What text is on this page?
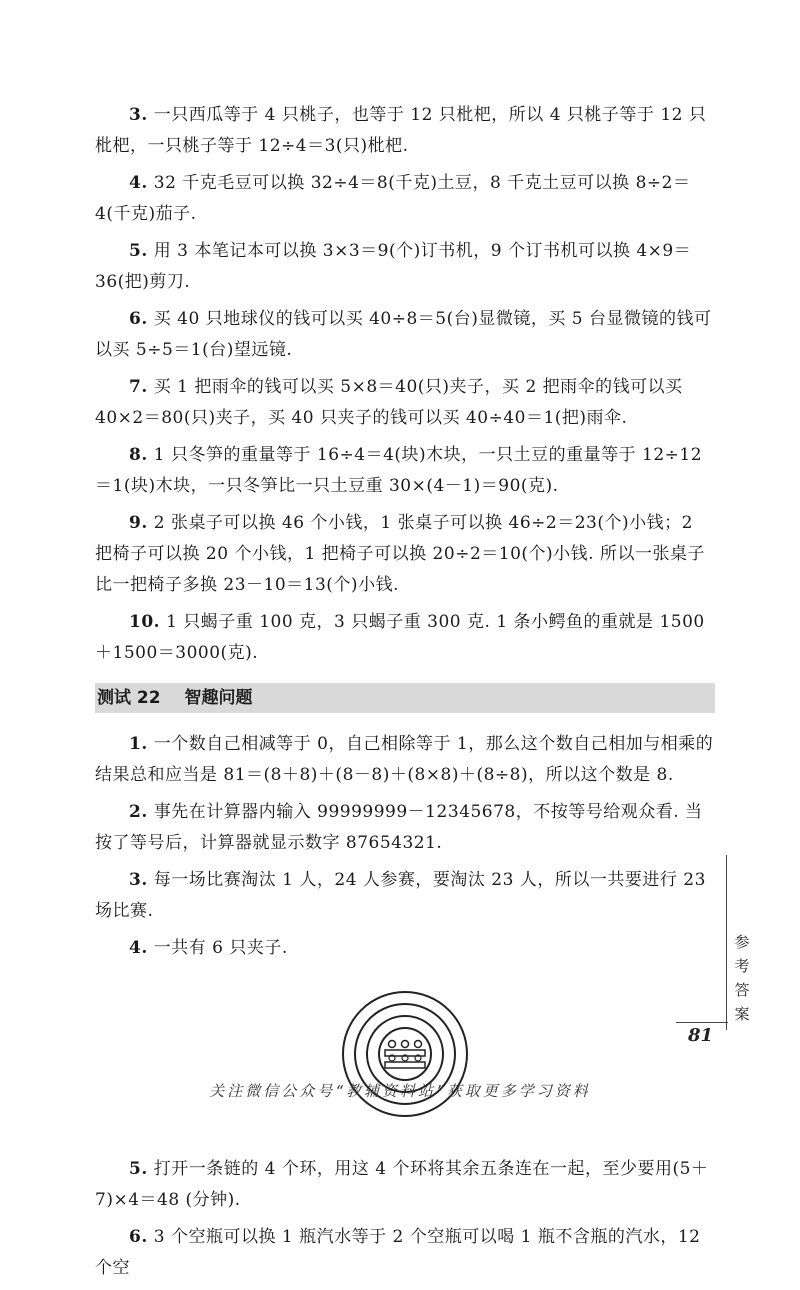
3. 一只西瓜等于 4 只桃子，也等于 12 只枇杷，所以 4 只桃子等于 12 只枇杷，一只桃子等于 12÷4＝3(只)枇杷.

4. 32 千克毛豆可以换 32÷4＝8(千克)土豆，8 千克土豆可以换 8÷2＝4(千克)茄子.

5. 用 3 本笔记本可以换 3×3＝9(个)订书机，9 个订书机可以换 4×9＝36(把)剪刀.

6. 买 40 只地球仪的钱可以买 40÷8＝5(台)显微镜，买 5 台显微镜的钱可以买 5÷5＝1(台)望远镜.

7. 买 1 把雨伞的钱可以买 5×8＝40(只)夹子，买 2 把雨伞的钱可以买 40×2＝80(只)夹子，买 40 只夹子的钱可以买 40÷40＝1(把)雨伞.

8. 1 只冬笋的重量等于 16÷4＝4(块)木块，一只土豆的重量等于 12÷12＝1(块)木块，一只冬笋比一只土豆重 30×(4－1)＝90(克).

9. 2 张桌子可以换 46 个小钱，1 张桌子可以换 46÷2＝23(个)小钱；2 把椅子可以换 20 个小钱，1 把椅子可以换 20÷2＝10(个)小钱. 所以一张桌子比一把椅子多换 23－10＝13(个)小钱.

10. 1 只蝎子重 100 克，3 只蝎子重 300 克. 1 条小鳄鱼的重就是 1500＋1500＝3000(克).

测试 22 智趣问题

1. 一个数自己相减等于 0，自己相除等于 1，那么这个数自己相加与相乘的结果总和应当是 81＝(8＋8)＋(8－8)＋(8×8)＋(8÷8)，所以这个数是 8.

2. 事先在计算器内输入 99999999－12345678，不按等号给观众看. 当按了等号后，计算器就显示数字 87654321.

3. 每一场比赛淘汰 1 人，24 人参赛，要淘汰 23 人，所以一共要进行 23 场比赛.

4. 一共有 6 只夹子.

5. 打开一条链的 4 个环，用这 4 个环将其余五条连在一起，至少要用(5＋7)×4＝48 (分钟).

6. 3 个空瓶可以换 1 瓶汽水等于 2 个空瓶可以喝 1 瓶不含瓶的汽水，12 个空

参考答案
81
关注微信公众号“教辅资料站”获取更多学习资料
